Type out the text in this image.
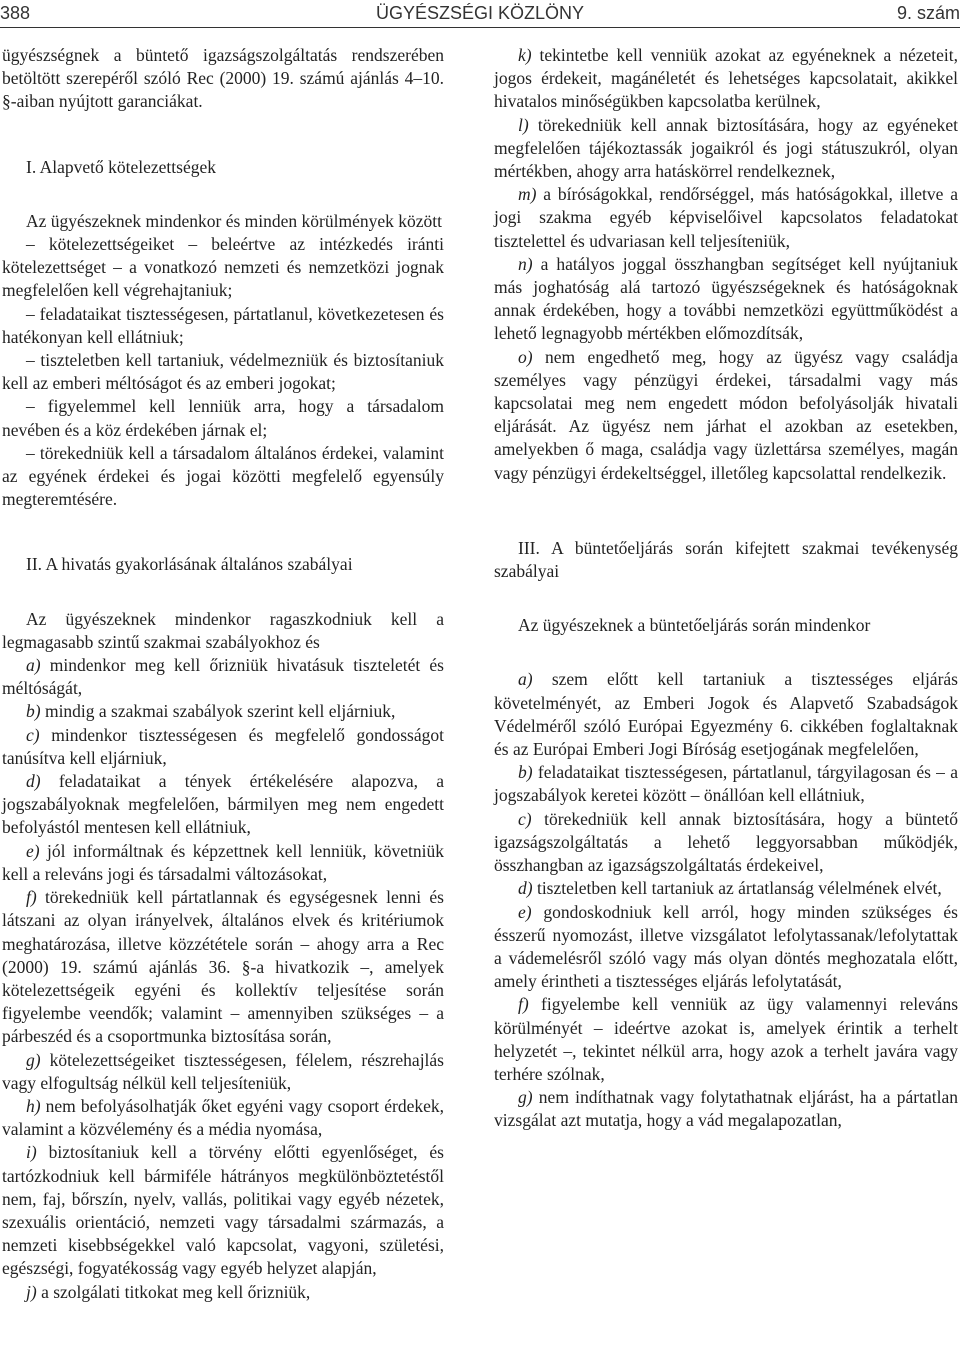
ÜGYÉSZSÉGI KÖZLÖNY
388	9. szám

ügyészségnek a büntető igazságszolgáltatás rendszerében betöltött szerepéről szóló Rec (2000) 19. számú ajánlás 4–10. §-aiban nyújtott garanciákat.

I. Alapvető kötelezettségek

Az ügyészeknek mindenkor és minden körülmények között

– kötelezettségeiket – beleértve az intézkedés iránti kötelezettséget – a vonatkozó nemzeti és nemzetközi jognak megfelelően kell végrehajtaniuk;

– feladataikat tisztességesen, pártatlanul, következetesen és hatékonyan kell ellátniuk;

– tiszteletben kell tartaniuk, védelmezniük és biztosítaniuk kell az emberi méltóságot és az emberi jogokat;

– figyelemmel kell lenniük arra, hogy a társadalom nevében és a köz érdekében járnak el;

– törekedniük kell a társadalom általános érdekei, valamint az egyének érdekei és jogai közötti megfelelő egyensúly megteremtésére.

II. A hivatás gyakorlásának általános szabályai

Az ügyészeknek mindenkor ragaszkodniuk kell a legmagasabb szintű szakmai szabályokhoz és

a) mindenkor meg kell őrizniük hivatásuk tiszteletét és méltóságát,

b) mindig a szakmai szabályok szerint kell eljárniuk,

c) mindenkor tisztességesen és megfelelő gondosságot tanúsítva kell eljárniuk,

d) feladataikat a tények értékelésére alapozva, a jogszabályoknak megfelelően, bármilyen meg nem engedett befolyástól mentesen kell ellátniuk,

e) jól informáltnak és képzettnek kell lenniük, követniük kell a releváns jogi és társadalmi változásokat,

f) törekedniük kell pártatlannak és egységesnek lenni és látszani az olyan irányelvek, általános elvek és kritériumok meghatározása, illetve közzététele során – ahogy arra a Rec (2000) 19. számú ajánlás 36. §-a hivatkozik –, amelyek kötelezettségeik egyéni és kollektív teljesítése során figyelembe veendők; valamint – amennyiben szükséges – a párbeszéd és a csoportmunka biztosítása során,

g) kötelezettségeiket tisztességesen, félelem, részrehajlás vagy elfogultság nélkül kell teljesíteniük,

h) nem befolyásolhatják őket egyéni vagy csoport érdekek, valamint a közvélemény és a média nyomása,

i) biztosítaniuk kell a törvény előtti egyenlőséget, és tartózkodniuk kell bármiféle hátrányos megkülönböztetéstől nem, faj, bőrszín, nyelv, vallás, politikai vagy egyéb nézetek, szexuális orientáció, nemzeti vagy társadalmi származás, a nemzeti kisebbségekkel való kapcsolat, vagyoni, születési, egészségi, fogyatékosság vagy egyéb helyzet alapján,

j) a szolgálati titkokat meg kell őrizniük,

k) tekintetbe kell venniük azokat az egyéneknek a nézeteit, jogos érdekeit, magánéletét és lehetséges kapcsolatait, akikkel hivatalos minőségükben kapcsolatba kerülnek,

l) törekedniük kell annak biztosítására, hogy az egyéneket megfelelően tájékoztassák jogaikról és jogi státuszukról, olyan mértékben, ahogy arra hatáskörrel rendelkeznek,

m) a bíróságokkal, rendőrséggel, más hatóságokkal, illetve a jogi szakma egyéb képviselőivel kapcsolatos feladatokat tisztelettel és udvariasan kell teljesíteniük,

n) a hatályos joggal összhangban segítséget kell nyújtaniuk más joghatóság alá tartozó ügyészségeknek és hatóságoknak annak érdekében, hogy a további nemzetközi együttműködést a lehető legnagyobb mértékben előmozdítsák,

o) nem engedhető meg, hogy az ügyész vagy családja személyes vagy pénzügyi érdekei, társadalmi vagy más kapcsolatai meg nem engedett módon befolyásolják hivatali eljárását. Az ügyész nem járhat el azokban az esetekben, amelyekben ő maga, családja vagy üzlettársa személyes, magán vagy pénzügyi érdekeltséggel, illetőleg kapcsolattal rendelkezik.

III. A büntetőeljárás során kifejtett szakmai tevékenység szabályai

Az ügyészeknek a büntetőeljárás során mindenkor

a) szem előtt kell tartaniuk a tisztességes eljárás követelményét, az Emberi Jogok és Alapvető Szabadságok Védelméről szóló Európai Egyezmény 6. cikkében foglaltaknak és az Európai Emberi Jogi Bíróság esetjogának megfelelően,

b) feladataikat tisztességesen, pártatlanul, tárgyilagosan és – a jogszabályok keretei között – önállóan kell ellátniuk,

c) törekedniük kell annak biztosítására, hogy a büntető igazságszolgáltatás a lehető leggyorsabban működjék, összhangban az igazságszolgáltatás érdekeivel,

d) tiszteletben kell tartaniuk az ártatlanság vélelmének elvét,

e) gondoskodniuk kell arról, hogy minden szükséges és ésszerű nyomozást, illetve vizsgálatot lefolytassanak/lefolytattak a vádemelésről szóló vagy más olyan döntés meghozatala előtt, amely érintheti a tisztességes eljárás lefolytatását,

f) figyelembe kell venniük az ügy valamennyi releváns körülményét – ideértve azokat is, amelyek érintik a terhelt helyzetét –, tekintet nélkül arra, hogy azok a terhelt javára vagy terhére szólnak,

g) nem indíthatnak vagy folytathatnak eljárást, ha a pártatlan vizsgálat azt mutatja, hogy a vád megalapozatlan,
